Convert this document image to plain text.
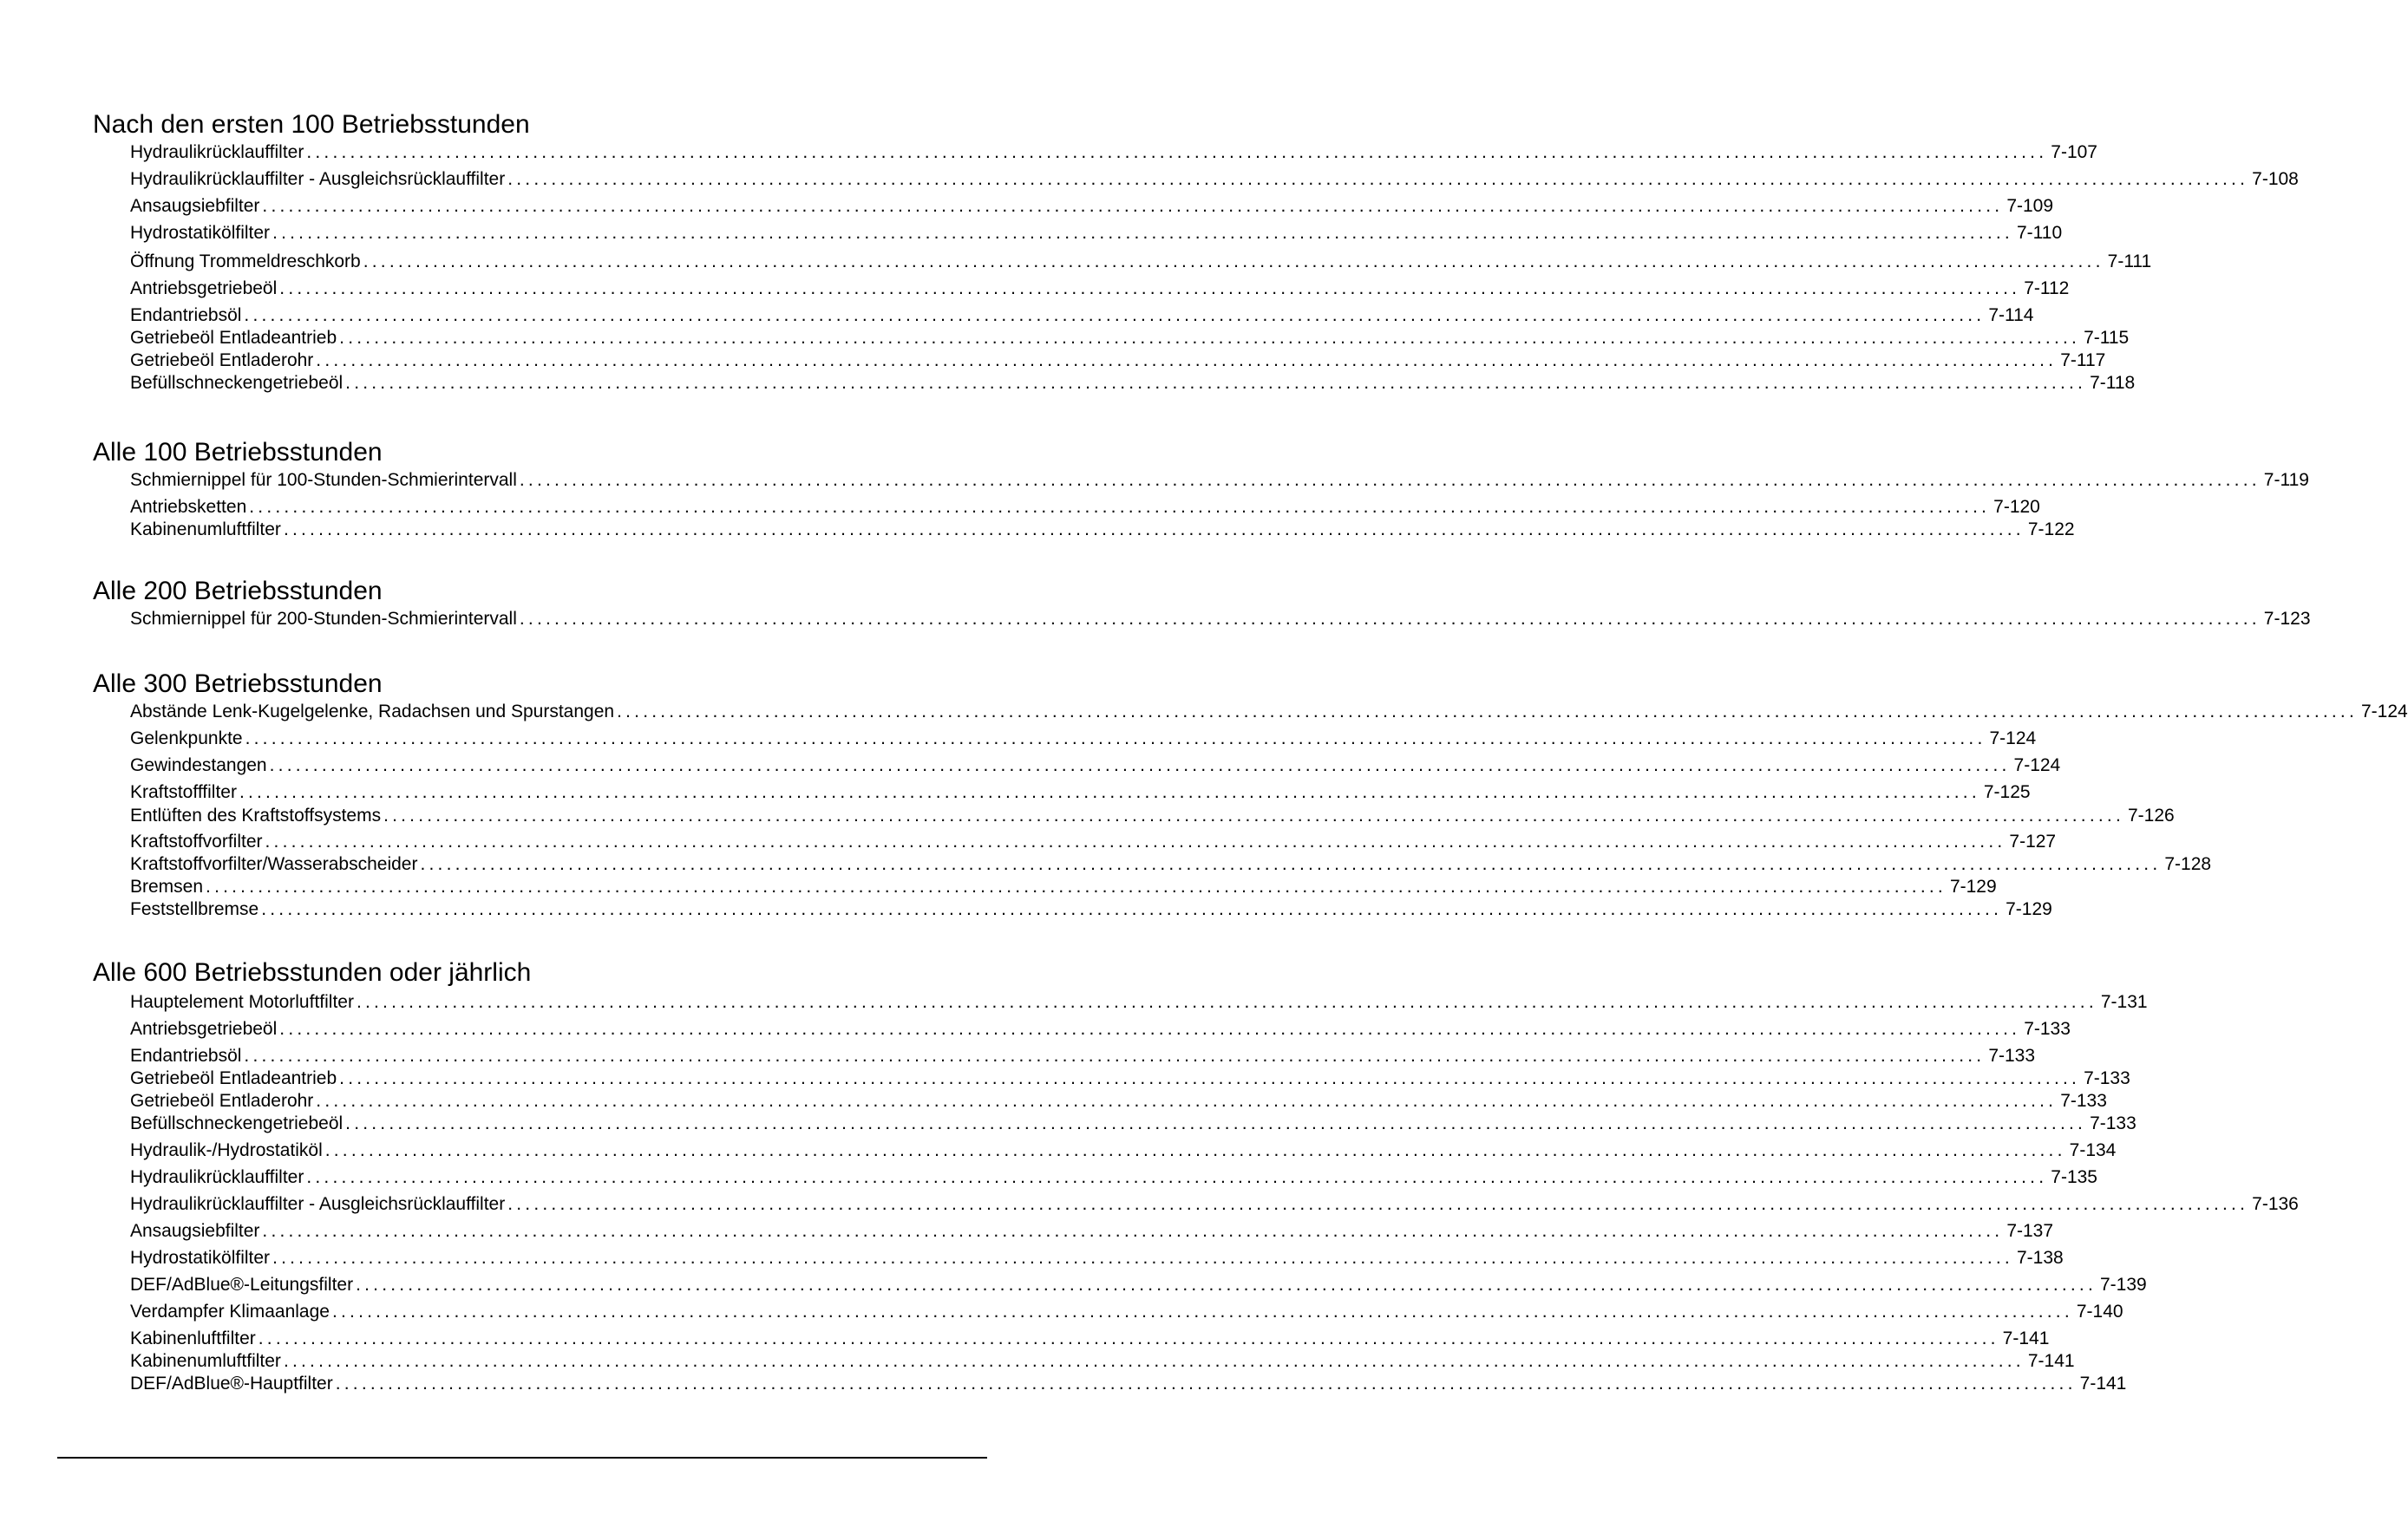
Nach den ersten 100 Betriebsstunden
Hydraulikrücklauffilter ........................................................................................................................................................................................................ 7-107
Hydraulikrücklauffilter - Ausgleichsrücklauffilter ........................................................................................................................................................................................................ 7-108
Ansaugsiebfilter ........................................................................................................................................................................................................ 7-109
Hydrostatikölfilter ........................................................................................................................................................................................................ 7-110
Öffnung Trommeldreschkorb ........................................................................................................................................................................................................ 7-111
Antriebsgetriebeöl ........................................................................................................................................................................................................ 7-112
Endantriebsöl ........................................................................................................................................................................................................ 7-114
Getriebeöl Entladeantrieb ........................................................................................................................................................................................................ 7-115
Getriebeöl Entladerohr ........................................................................................................................................................................................................ 7-117
Befüllschneckengetriebeöl ........................................................................................................................................................................................................ 7-118
Alle 100 Betriebsstunden
Schmiernippel für 100-Stunden-Schmierintervall ........................................................................................................................................................................................................ 7-119
Antriebsketten ........................................................................................................................................................................................................ 7-120
Kabinenumluftfilter ........................................................................................................................................................................................................ 7-122
Alle 200 Betriebsstunden
Schmiernippel für 200-Stunden-Schmierintervall ........................................................................................................................................................................................................ 7-123
Alle 300 Betriebsstunden
Abstände Lenk-Kugelgelenke, Radachsen und Spurstangen ........................................................................................................................................................................................................ 7-124
Gelenkpunkte ........................................................................................................................................................................................................ 7-124
Gewindestangen ........................................................................................................................................................................................................ 7-124
Kraftstofffilter ........................................................................................................................................................................................................ 7-125
Entlüften des Kraftstoffsystems ........................................................................................................................................................................................................ 7-126
Kraftstoffvorfilter ........................................................................................................................................................................................................ 7-127
Kraftstoffvorfilter/Wasserabscheider ........................................................................................................................................................................................................ 7-128
Bremsen ........................................................................................................................................................................................................ 7-129
Feststellbremse ........................................................................................................................................................................................................ 7-129
Alle 600 Betriebsstunden oder jährlich
Hauptelement Motorluftfilter ........................................................................................................................................................................................................ 7-131
Antriebsgetriebeöl ........................................................................................................................................................................................................ 7-133
Endantriebsöl ........................................................................................................................................................................................................ 7-133
Getriebeöl Entladeantrieb ........................................................................................................................................................................................................ 7-133
Getriebeöl Entladerohr ........................................................................................................................................................................................................ 7-133
Befüllschneckengetriebeöl ........................................................................................................................................................................................................ 7-133
Hydraulik-/Hydrostatiköl ........................................................................................................................................................................................................ 7-134
Hydraulikrücklauffilter ........................................................................................................................................................................................................ 7-135
Hydraulikrücklauffilter - Ausgleichsrücklauffilter ........................................................................................................................................................................................................ 7-136
Ansaugsiebfilter ........................................................................................................................................................................................................ 7-137
Hydrostatikölfilter ........................................................................................................................................................................................................ 7-138
DEF/AdBlue®-Leitungsfilter ........................................................................................................................................................................................................ 7-139
Verdampfer Klimaanlage ........................................................................................................................................................................................................ 7-140
Kabinenluftfilter ........................................................................................................................................................................................................ 7-141
Kabinenumluftfilter ........................................................................................................................................................................................................ 7-141
DEF/AdBlue®-Hauptfilter ........................................................................................................................................................................................................ 7-141
